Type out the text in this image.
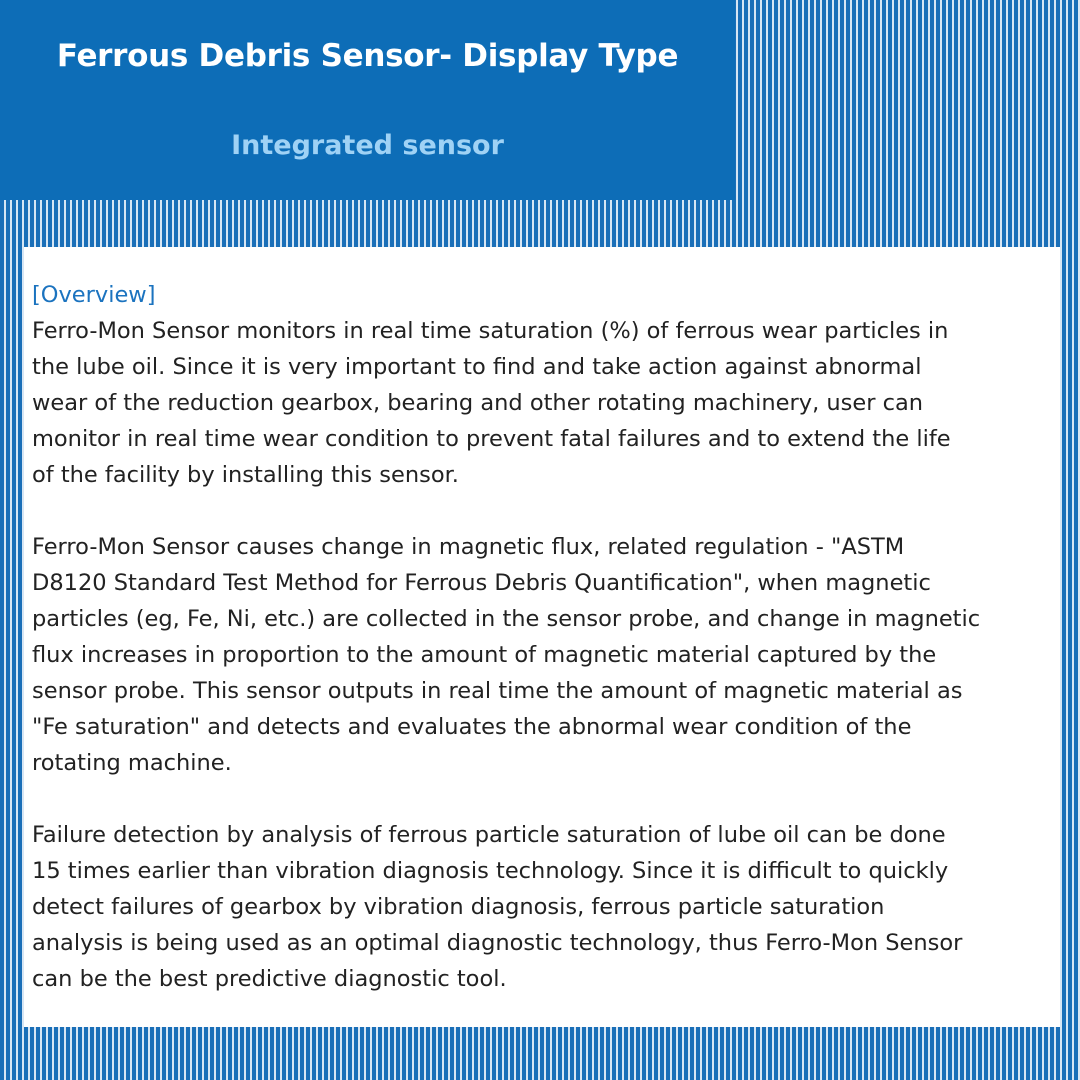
Ferrous Debris Sensor- Display Type
Integrated sensor
[Overview]

Ferro-Mon Sensor monitors in real time saturation (%) of ferrous wear particles in
the lube oil. Since it is very important to find and take action against abnormal
wear of the reduction gearbox, bearing and other rotating machinery, user can
monitor in real time wear condition to prevent fatal failures and to extend the life
of the facility by installing this sensor.

Ferro-Mon Sensor causes change in magnetic flux, related regulation - "ASTM
D8120 Standard Test Method for Ferrous Debris Quantification", when magnetic
particles (eg, Fe, Ni, etc.) are collected in the sensor probe, and change in magnetic
flux increases in proportion to the amount of magnetic material captured by the
sensor probe. This sensor outputs in real time the amount of magnetic material as
"Fe saturation" and detects and evaluates the abnormal wear condition of the
rotating machine.

Failure detection by analysis of ferrous particle saturation of lube oil can be done
15 times earlier than vibration diagnosis technology. Since it is difficult to quickly
detect failures of gearbox by vibration diagnosis, ferrous particle saturation
analysis is being used as an optimal diagnostic technology, thus Ferro-Mon Sensor
can be the best predictive diagnostic tool.
